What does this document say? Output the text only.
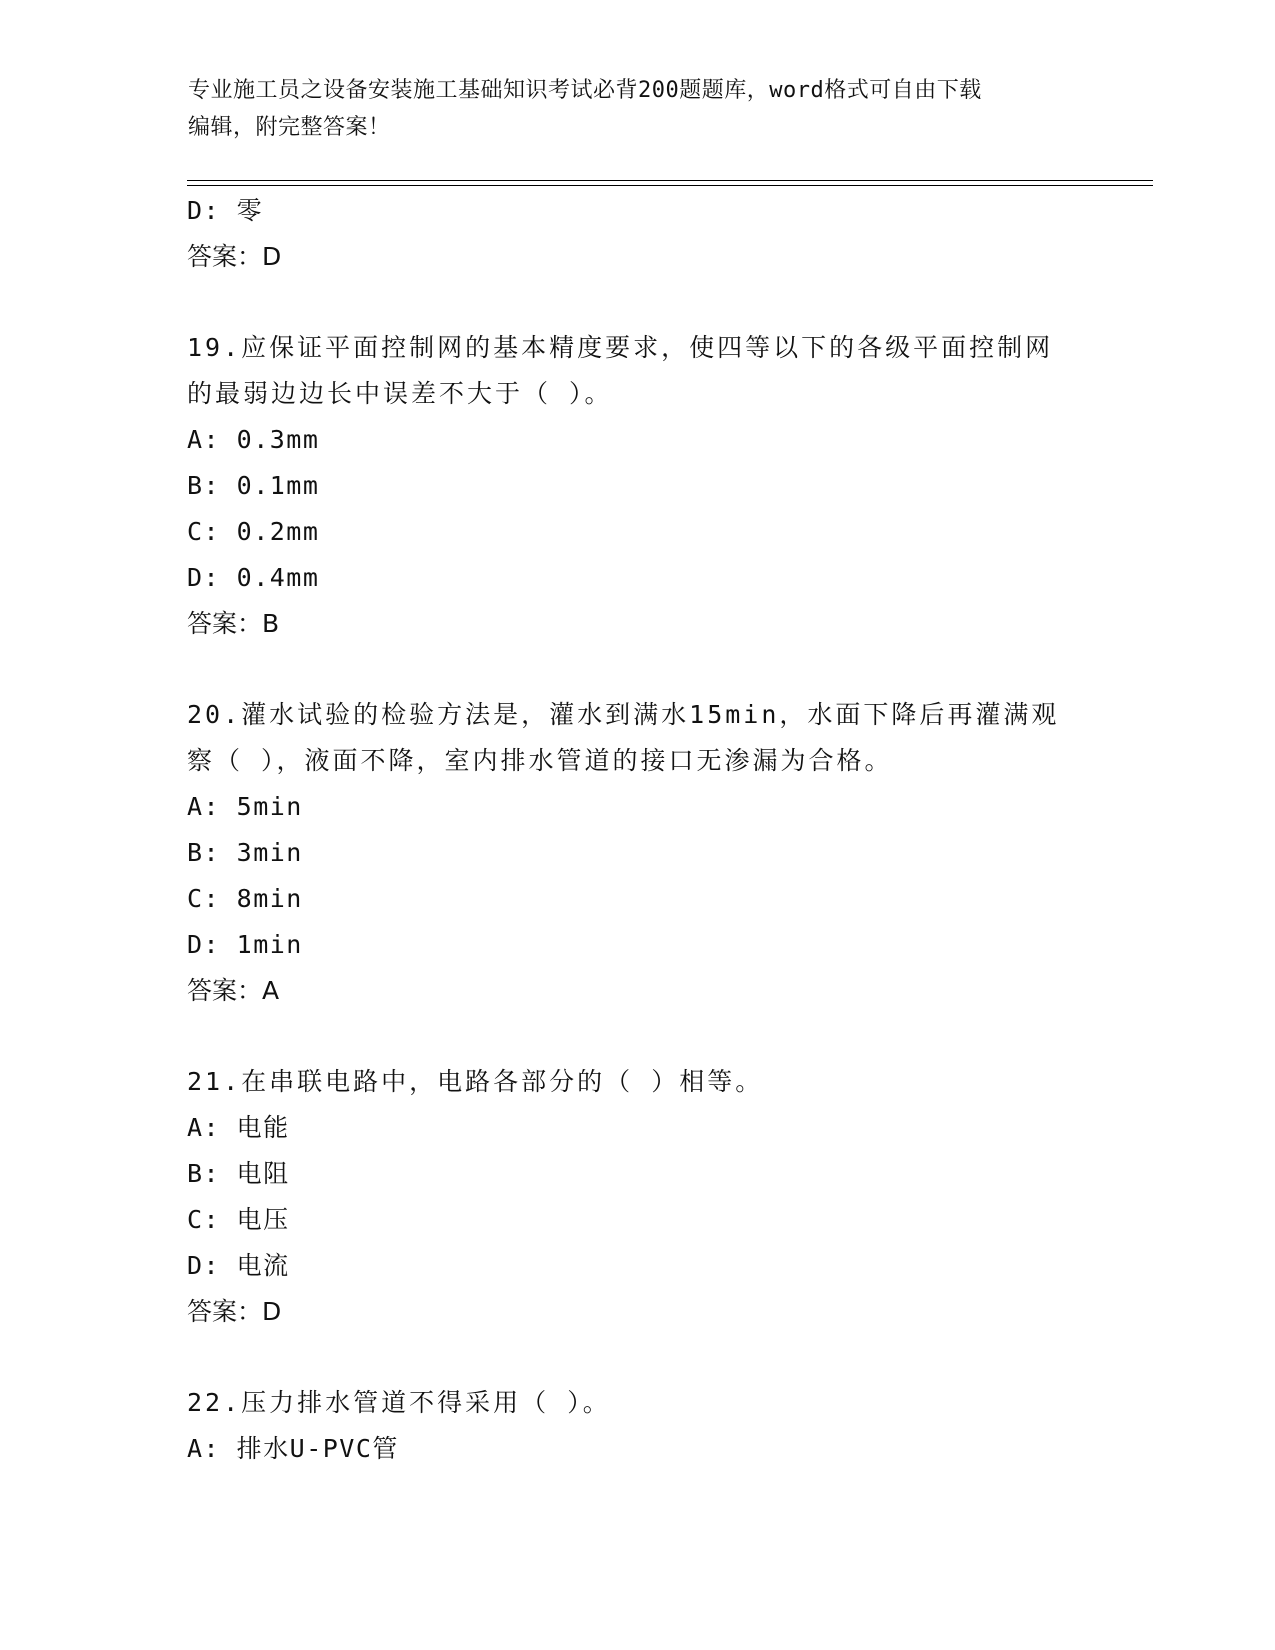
专业施工员之设备安装施工基础知识考试必背200题题库，word格式可自由下载
编辑，附完整答案！
D: 零
答案：D
19.应保证平面控制网的基本精度要求，使四等以下的各级平面控制网
的最弱边边长中误差不大于（ ）。
A: 0.3mm
B: 0.1mm
C: 0.2mm
D: 0.4mm
答案：B
20.灌水试验的检验方法是，灌水到满水15min，水面下降后再灌满观
察（ ），液面不降，室内排水管道的接口无渗漏为合格。
A: 5min
B: 3min
C: 8min
D: 1min
答案：A
21.在串联电路中，电路各部分的（ ）相等。
A: 电能
B: 电阻
C: 电压
D: 电流
答案：D
22.压力排水管道不得采用（ ）。
A: 排水U-PVC管
